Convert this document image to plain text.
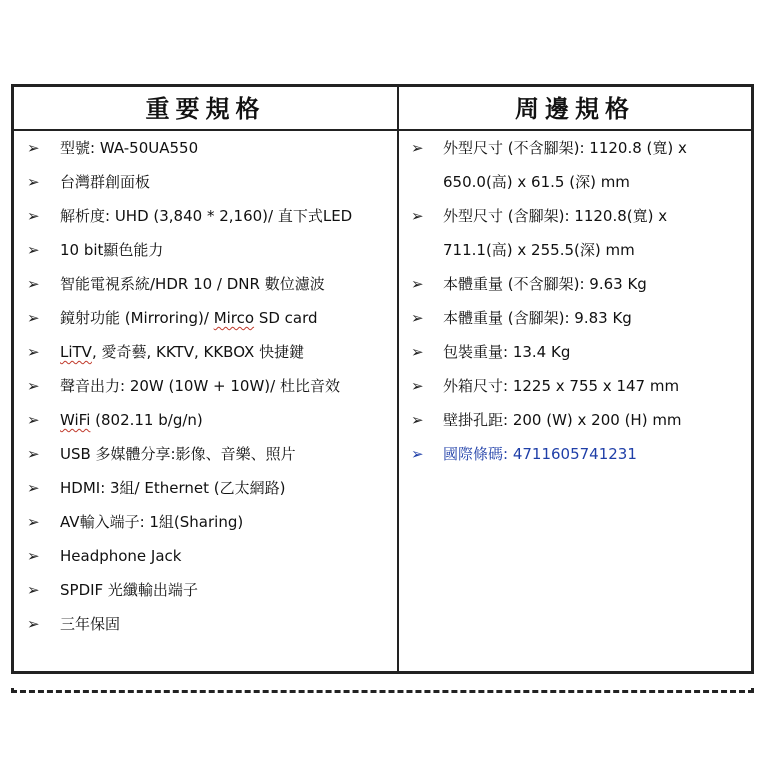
重要規格	周邊規格
➢ 型號: WA-50UA550
➢ 台灣群創面板
➢ 解析度: UHD (3,840 * 2,160)/ 直下式LED
➢ 10 bit顯色能力
➢ 智能電視系統/HDR 10 / DNR 數位濾波
➢ 鏡射功能 (Mirroring)/ Mirco SD card
➢ LiTV, 愛奇藝, KKTV, KKBOX 快捷鍵
➢ 聲音出力: 20W (10W + 10W)/ 杜比音效
➢ WiFi (802.11 b/g/n)
➢ USB 多媒體分享:影像、音樂、照片
➢ HDMI: 3組/ Ethernet (乙太網路)
➢ AV輸入端子: 1組(Sharing)
➢ Headphone Jack
➢ SPDIF 光纖輸出端子
➢ 三年保固
➢ 外型尺寸 (不含腳架): 1120.8 (寬) x
650.0(高) x 61.5 (深) mm
➢ 外型尺寸 (含腳架): 1120.8(寬) x
711.1(高) x 255.5(深) mm
➢ 本體重量 (不含腳架): 9.63 Kg
➢ 本體重量 (含腳架): 9.83 Kg
➢ 包裝重量: 13.4 Kg
➢ 外箱尺寸: 1225 x 755 x 147 mm
➢ 壁掛孔距: 200 (W) x 200 (H) mm
➢ 國際條碼: 4711605741231
